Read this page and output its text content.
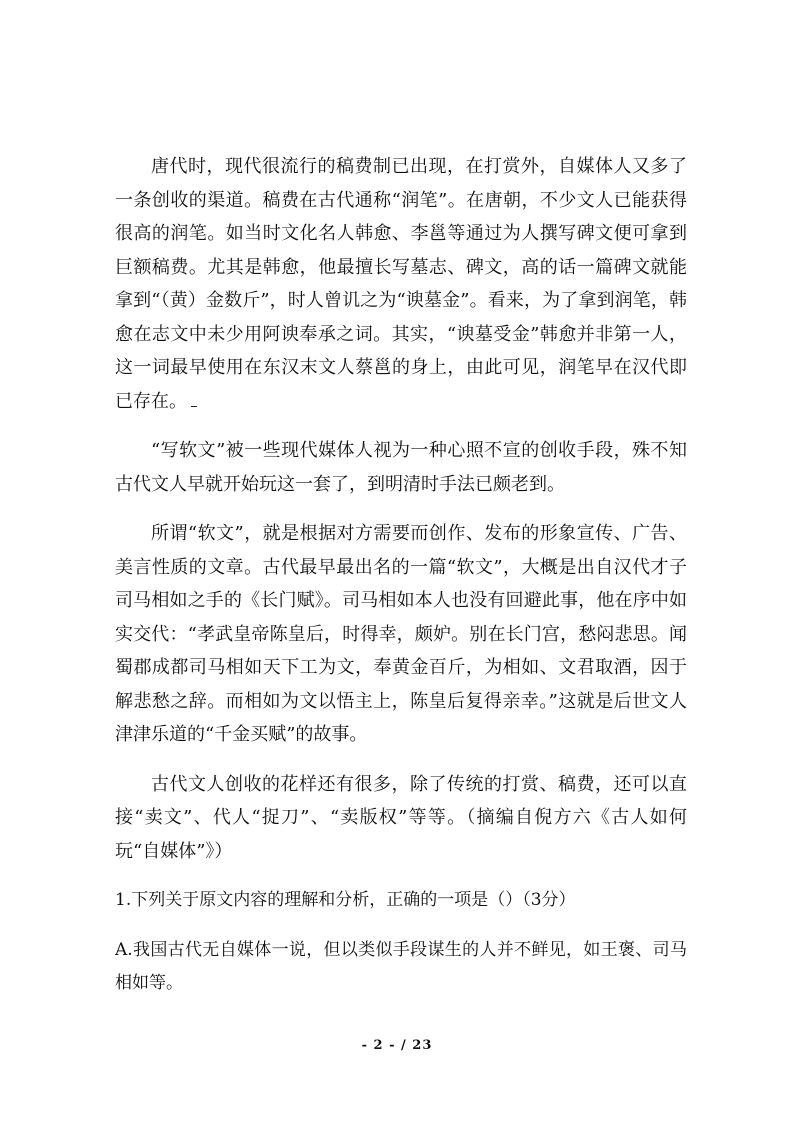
唐代时，现代很流行的稿费制已出现，在打赏外，自媒体人又多了一条创收的渠道。稿费在古代通称“润笔”。在唐朝，不少文人已能获得很高的润笔。如当时文化名人韩愈、李邕等通过为人撰写碑文便可拿到巨额稿费。尤其是韩愈，他最擅长写墓志、碑文，高的话一篇碑文就能拿到“（黄）金数斤”，时人曾讥之为“谀墓金”。看来，为了拿到润笔，韩愈在志文中未少用阿谀奉承之词。其实，“谀墓受金”韩愈并非第一人，这一词最早使用在东汉末文人蔡邕的身上，由此可见，润笔早在汉代即已存在。

“写软文”被一些现代媒体人视为一种心照不宣的创收手段，殊不知古代文人早就开始玩这一套了，到明清时手法已颇老到。

所谓“软文”，就是根据对方需要而创作、发布的形象宣传、广告、美言性质的文章。古代最早最出名的一篇“软文”，大概是出自汉代才子司马相如之手的《长门赋》。司马相如本人也没有回避此事，他在序中如实交代：“孝武皇帝陈皇后，时得幸，颇妒。别在长门宫，愁闷悲思。闻蜀郡成都司马相如天下工为文，奉黄金百斤，为相如、文君取酒，因于解悲愁之辞。而相如为文以悟主上，陈皇后复得亲幸。”这就是后世文人津津乐道的“千金买赋”的故事。

古代文人创收的花样还有很多，除了传统的打赏、稿费，还可以直接“卖文”、代人“捉刀”、“卖版权”等等。（摘编自倪方六《古人如何玩“自媒体”》）

1.下列关于原文内容的理解和分析，正确的一项是（）（3分）

A.我国古代无自媒体一说，但以类似手段谋生的人并不鲜见，如王褒、司马相如等。

- 2 - / 23
